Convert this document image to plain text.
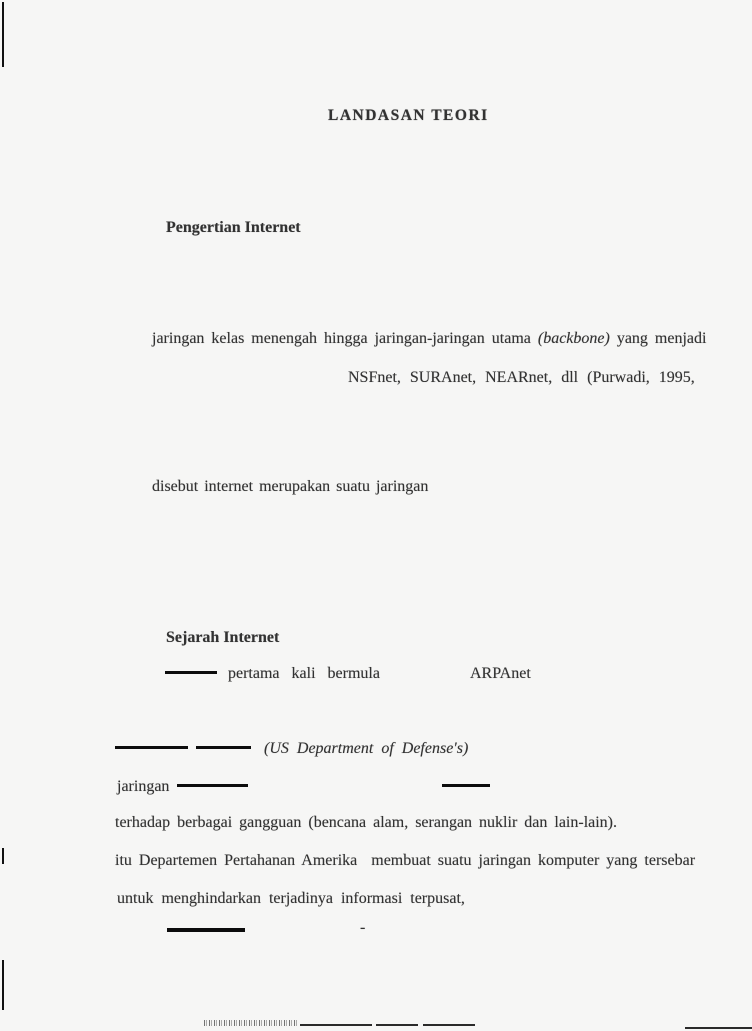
LANDASAN TEORI
Pengertian Internet
jaringan kelas menengah hingga jaringan-jaringan utama (backbone) yang menjadi
NSFnet, SURAnet, NEARnet, dll (Purwadi, 1995,
disebut internet merupakan suatu jaringan
Sejarah Internet
pertama kali bermula	ARPAnet
(US Department of Defense's)
jaringan
terhadap berbagai gangguan (bencana alam, serangan nuklir dan lain-lain).
itu Departemen Pertahanan Amerika  membuat suatu jaringan komputer yang tersebar
untuk menghindarkan terjadinya informasi terpusat,
-
